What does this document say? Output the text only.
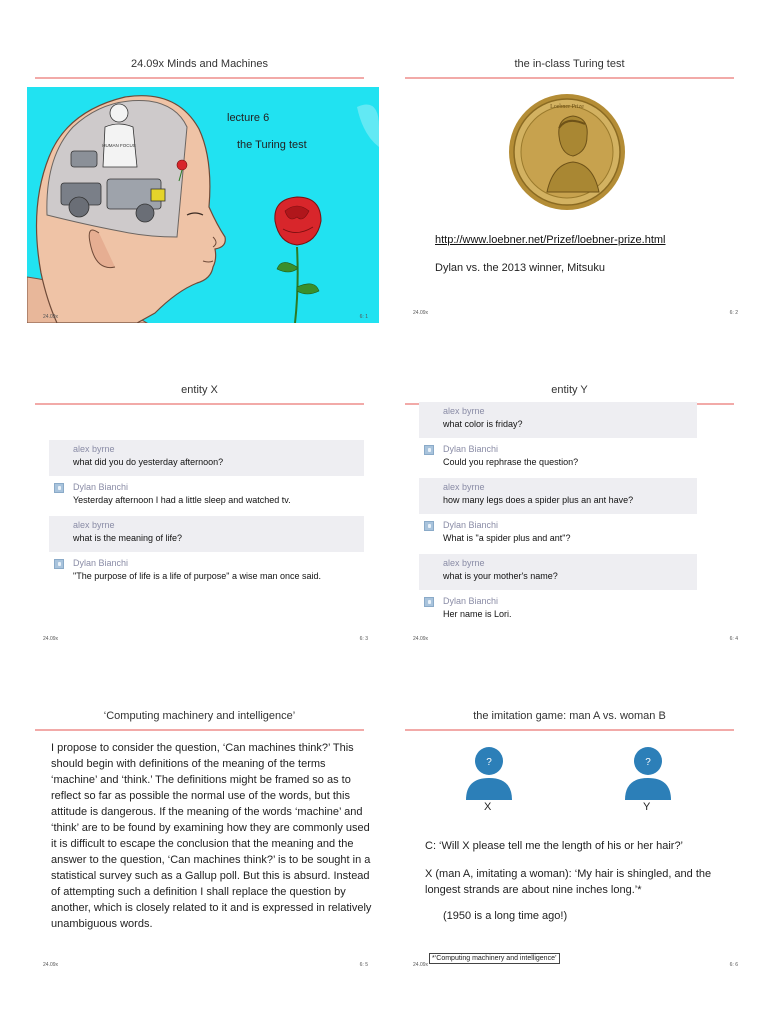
24.09x Minds and Machines
HUMAN FOCUS
lecture 6
the Turing test
24.09x	6: 1
the in-class Turing test
Loebner Prize
http://www.loebner.net/Prizef/loebner-prize.html
Dylan vs. the 2013 winner, Mitsuku
24.09x	6: 2
entity X
alex byrne
what did you do yesterday afternoon?
Dylan Bianchi
Yesterday afternoon I had a little sleep and watched tv.
alex byrne
what is the meaning of life?
Dylan Bianchi
"The purpose of life is a life of purpose" a wise man once said.
24.09x	6: 3
entity Y
alex byrne
what color is friday?
Dylan Bianchi
Could you rephrase the question?
alex byrne
how many legs does a spider plus an ant have?
Dylan Bianchi
What is "a spider plus and ant"?
alex byrne
what is your mother's name?
Dylan Bianchi
Her name is Lori.
24.09x	6: 4
‘Computing machinery and intelligence’
I propose to consider the question, ‘Can machines think?’ This should begin with definitions of the meaning of the terms ‘machine’ and ‘think.’ The definitions might be framed so as to reflect so far as possible the normal use of the words, but this attitude is dangerous. If the meaning of the words ‘machine’ and ‘think’ are to be found by examining how they are commonly used it is difficult to escape the conclusion that the meaning and the answer to the question, ‘Can machines think?’ is to be sought in a statistical survey such as a Gallup poll. But this is absurd. Instead of attempting such a definition I shall replace the question by another, which is closely related to it and is expressed in relatively unambiguous words.
24.09x	6: 5
the imitation game: man A vs. woman B
?	?
X	Y
C: ‘Will X please tell me the length of his or her hair?’
X (man A, imitating a woman): ‘My hair is shingled, and the longest strands are about nine inches long.’*
(1950 is a long time ago!)
*‘Computing machinery and intelligence’
24.09x	6: 6
